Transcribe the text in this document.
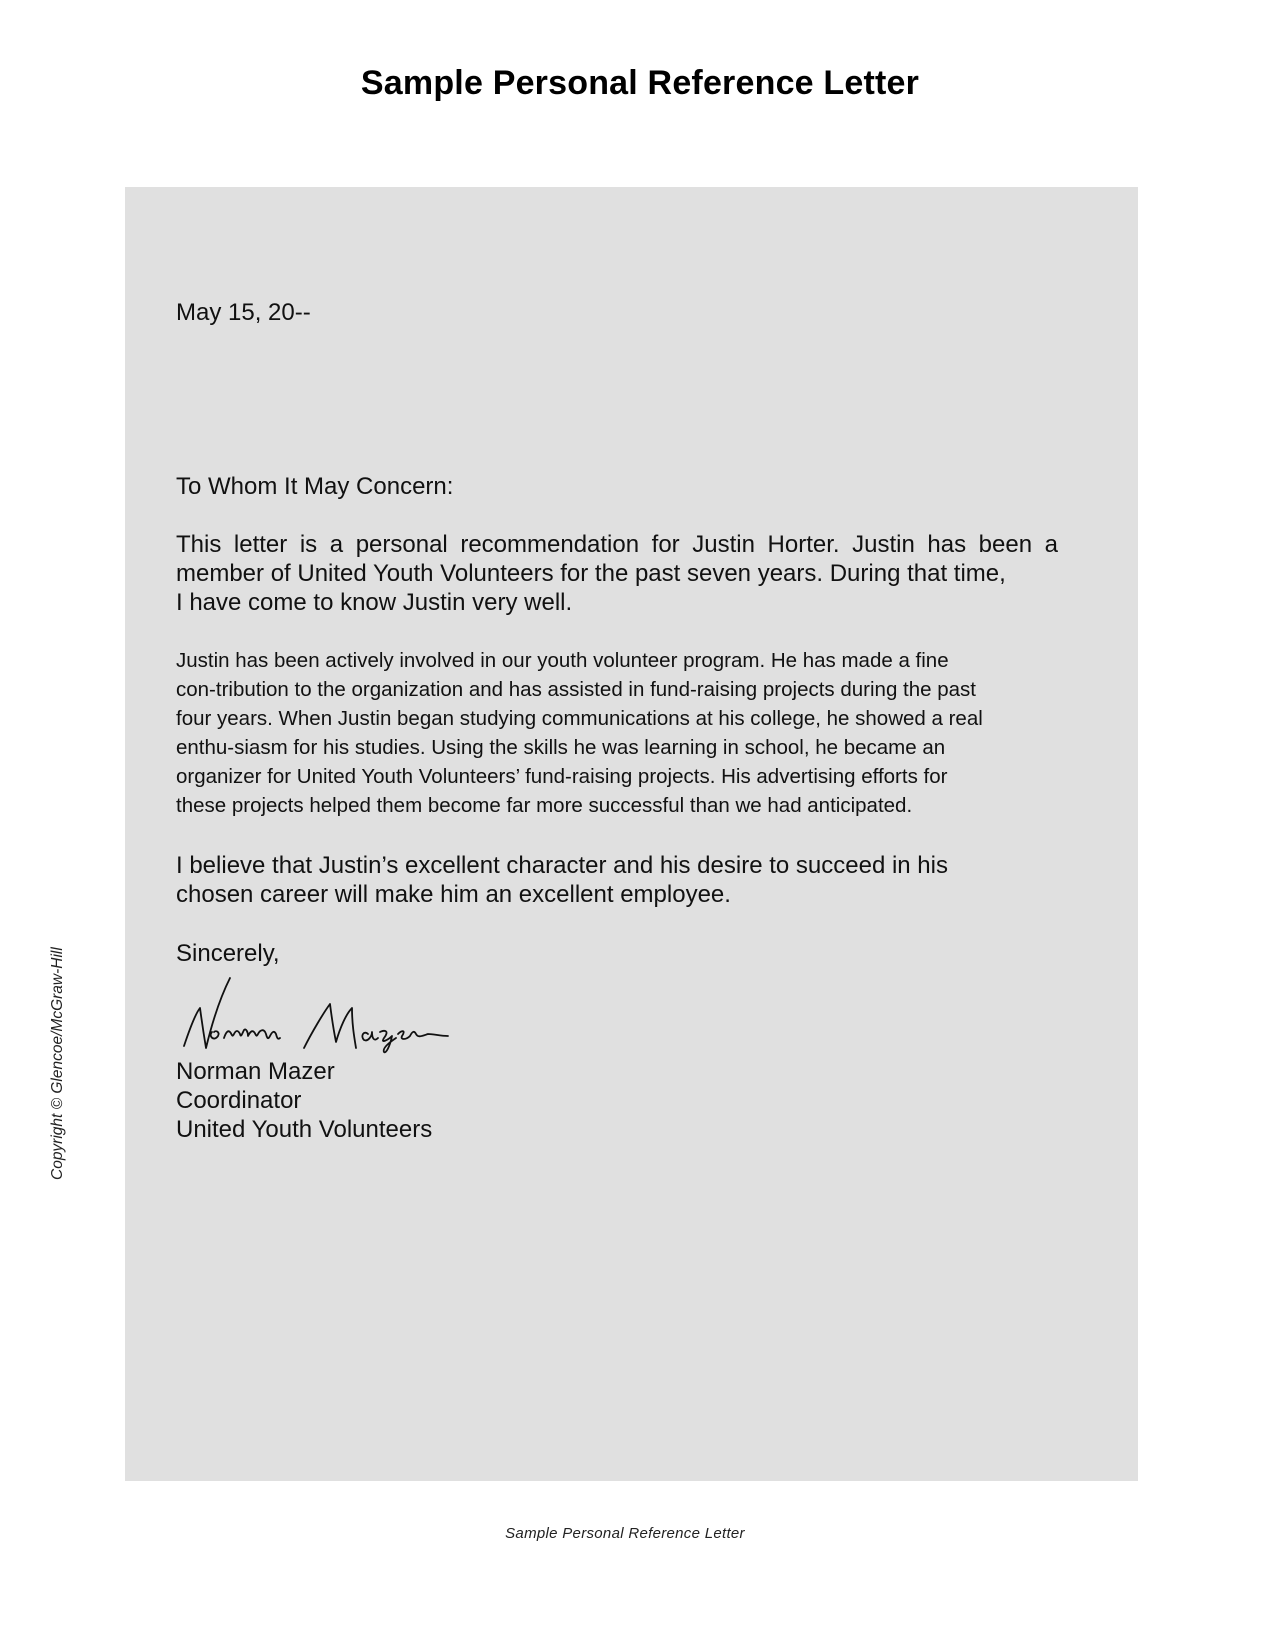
Sample Personal Reference Letter
May 15, 20--
To Whom It May Concern:
This letter is a personal recommendation for Justin Horter. Justin has been a
member of United Youth Volunteers for the past seven years. During that time,
I have come to know Justin very well.
Justin has been actively involved in our youth volunteer program. He has made a fine
con-tribution to the organization and has assisted in fund-raising projects during the past
four years. When Justin began studying communications at his college, he showed a real
enthu-siasm for his studies. Using the skills he was learning in school, he became an
organizer for United Youth Volunteers’ fund-raising projects. His advertising efforts for
these projects helped them become far more successful than we had anticipated.
I believe that Justin’s excellent character and his desire to succeed in his
chosen career will make him an excellent employee.
Sincerely,
Norman Mazer
Coordinator
United Youth Volunteers
Copyright © Glencoe/McGraw-Hill
Sample Personal Reference Letter
